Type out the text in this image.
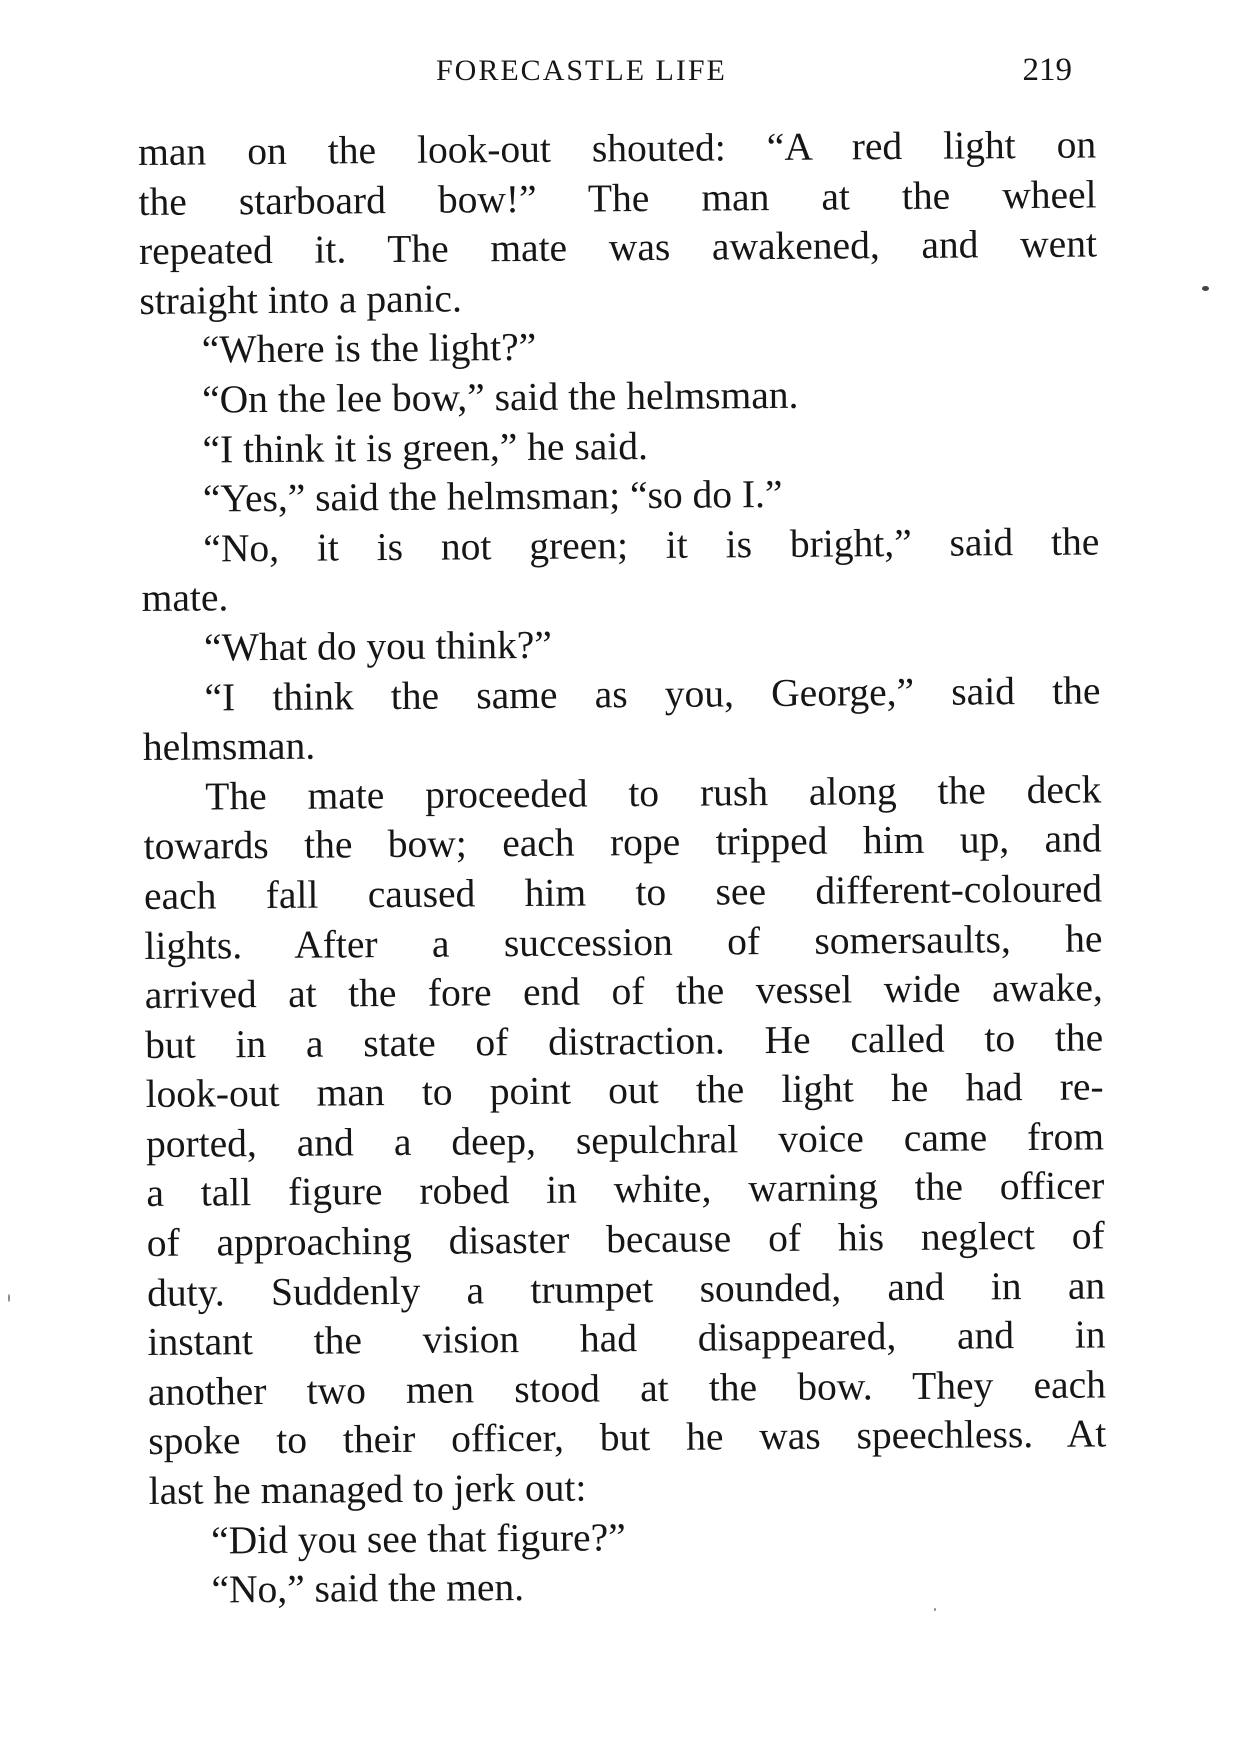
FORECASTLE LIFE	219
man on the look-out shouted: “A red light on
the starboard bow!” The man at the wheel
repeated it. The mate was awakened, and went
straight into a panic.
“Where is the light?”
“On the lee bow,” said the helmsman.
“I think it is green,” he said.
“Yes,” said the helmsman; “so do I.”
“No, it is not green; it is bright,” said the
mate.
“What do you think?”
“I think the same as you, George,” said the
helmsman.
The mate proceeded to rush along the deck
towards the bow; each rope tripped him up, and
each fall caused him to see different-coloured
lights. After a succession of somersaults, he
arrived at the fore end of the vessel wide awake,
but in a state of distraction. He called to the
look-out man to point out the light he had re-
ported, and a deep, sepulchral voice came from
a tall figure robed in white, warning the officer
of approaching disaster because of his neglect of
duty. Suddenly a trumpet sounded, and in an
instant the vision had disappeared, and in
another two men stood at the bow. They each
spoke to their officer, but he was speechless. At
last he managed to jerk out:
“Did you see that figure?”
“No,” said the men.
